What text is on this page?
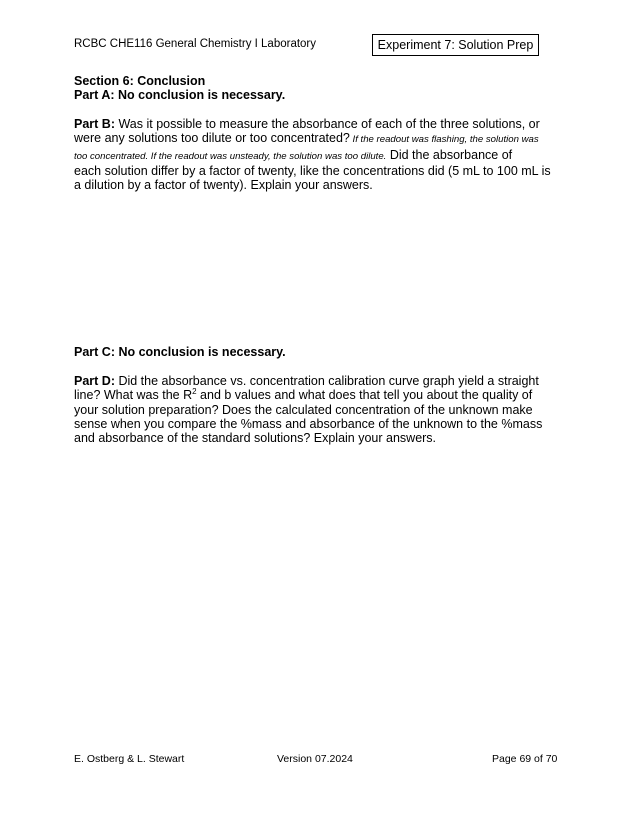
RCBC CHE116 General Chemistry I Laboratory	Experiment 7: Solution Prep
Section 6: Conclusion
Part A: No conclusion is necessary.
Part B: Was it possible to measure the absorbance of each of the three solutions, or
were any solutions too dilute or too concentrated? If the readout was flashing, the solution was
too concentrated. If the readout was unsteady, the solution was too dilute. Did the absorbance of
each solution differ by a factor of twenty, like the concentrations did (5 mL to 100 mL is
a dilution by a factor of twenty). Explain your answers.
Part C: No conclusion is necessary.
Part D: Did the absorbance vs. concentration calibration curve graph yield a straight
line? What was the $R^2$ and b values and what does that tell you about the quality of
your solution preparation? Does the calculated concentration of the unknown make
sense when you compare the %mass and absorbance of the unknown to the %mass
and absorbance of the standard solutions? Explain your answers.
E. Ostberg & L. Stewart	Version 07.2024	Page 69 of 70
